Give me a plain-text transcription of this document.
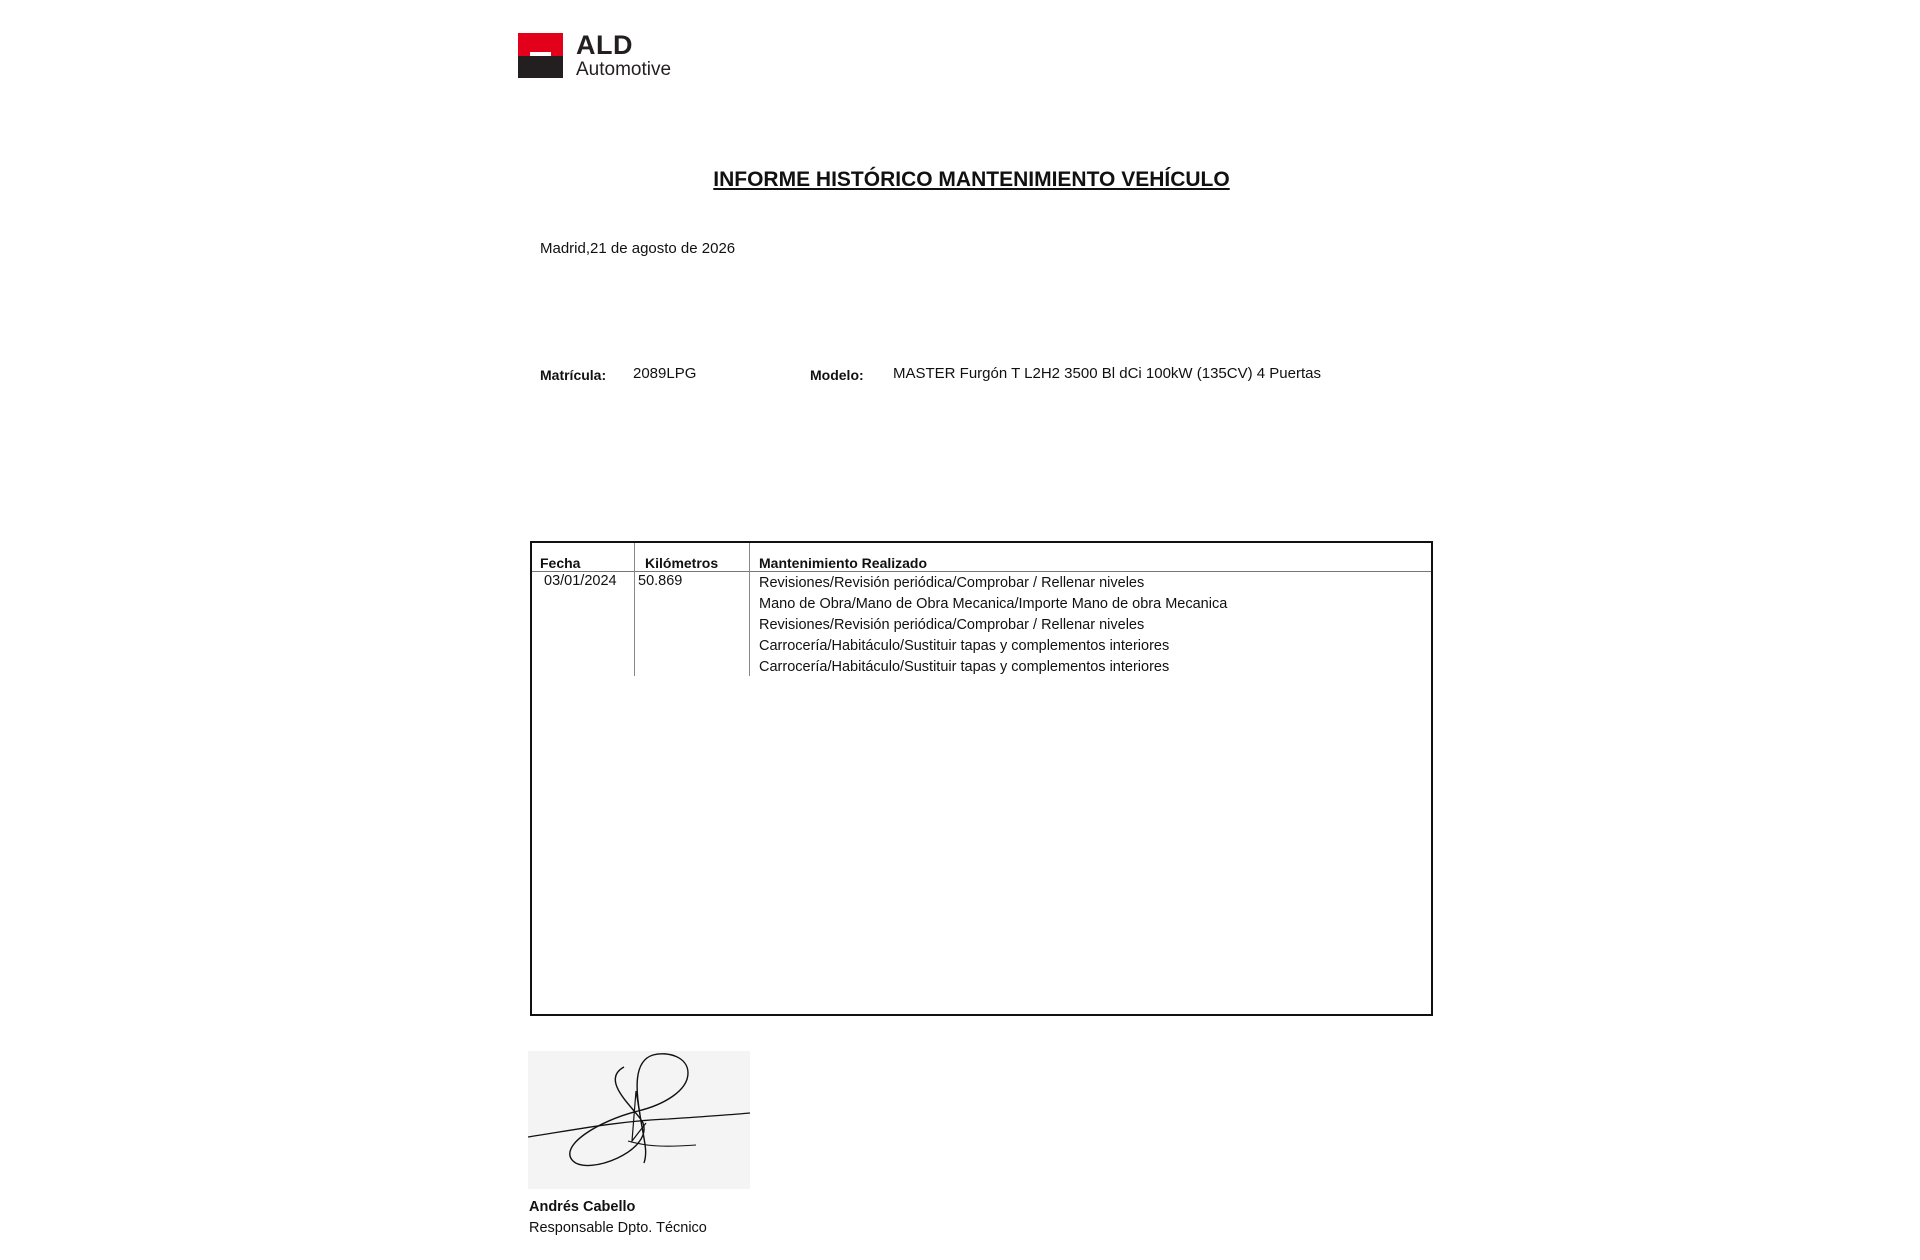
ALD
Automotive
INFORME HISTÓRICO MANTENIMIENTO VEHÍCULO
Madrid,21 de agosto de 2026
Matrícula: 2089LPG	Modelo: MASTER Furgón T L2H2 3500 Bl dCi 100kW (135CV) 4 Puertas
Fecha	Kilómetros	Mantenimiento Realizado
03/01/2024 50.869	Revisiones/Revisión periódica/Comprobar / Rellenar niveles
Mano de Obra/Mano de Obra Mecanica/Importe Mano de obra Mecanica
Revisiones/Revisión periódica/Comprobar / Rellenar niveles
Carrocería/Habitáculo/Sustituir tapas y complementos interiores
Carrocería/Habitáculo/Sustituir tapas y complementos interiores
Andrés Cabello
Responsable Dpto. Técnico
